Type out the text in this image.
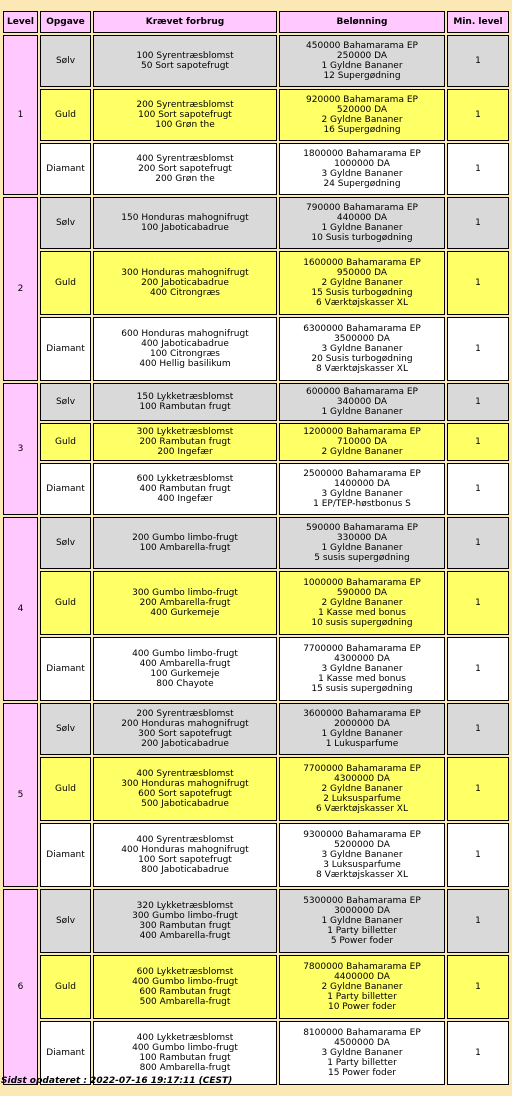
Level	Opgave	Krævet forbrug	Belønning	Min. level
1	Sølv	100 Syrentræsblomst
50 Sort sapotefrugt	450000 Bahamarama EP
250000 DA
1 Gyldne Bananer
12 Supergødning	1
	Guld	200 Syrentræsblomst
100 Sort sapotefrugt
100 Grøn the	920000 Bahamarama EP
520000 DA
2 Gyldne Bananer
16 Supergødning	1
	Diamant	400 Syrentræsblomst
200 Sort sapotefrugt
200 Grøn the	1800000 Bahamarama EP
1000000 DA
3 Gyldne Bananer
24 Supergødning	1
2	Sølv	150 Honduras mahognifrugt
100 Jaboticabadrue	790000 Bahamarama EP
440000 DA
1 Gyldne Bananer
10 Susis turbogødning	1
	Guld	300 Honduras mahognifrugt
200 Jaboticabadrue
400 Citrongræs	1600000 Bahamarama EP
950000 DA
2 Gyldne Bananer
15 Susis turbogødning
6 Værktøjskasser XL	1
	Diamant	600 Honduras mahognifrugt
400 Jaboticabadrue
100 Citrongræs
400 Hellig basilikum	6300000 Bahamarama EP
3500000 DA
3 Gyldne Bananer
20 Susis turbogødning
8 Værktøjskasser XL	1
3	Sølv	150 Lykketræsblomst
100 Rambutan frugt	600000 Bahamarama EP
340000 DA
1 Gyldne Bananer	1
	Guld	300 Lykketræsblomst
200 Rambutan frugt
200 Ingefær	1200000 Bahamarama EP
710000 DA
2 Gyldne Bananer	1
	Diamant	600 Lykketræsblomst
400 Rambutan frugt
400 Ingefær	2500000 Bahamarama EP
1400000 DA
3 Gyldne Bananer
1 EP/TEP-høstbonus S	1
4	Sølv	200 Gumbo limbo-frugt
100 Ambarella-frugt	590000 Bahamarama EP
330000 DA
1 Gyldne Bananer
5 susis supergødning	1
	Guld	300 Gumbo limbo-frugt
200 Ambarella-frugt
400 Gurkemeje	1000000 Bahamarama EP
590000 DA
2 Gyldne Bananer
1 Kasse med bonus
10 susis supergødning	1
	Diamant	400 Gumbo limbo-frugt
400 Ambarella-frugt
100 Gurkemeje
800 Chayote	7700000 Bahamarama EP
4300000 DA
3 Gyldne Bananer
1 Kasse med bonus
15 susis supergødning	1
5	Sølv	200 Syrentræsblomst
200 Honduras mahognifrugt
300 Sort sapotefrugt
200 Jaboticabadrue	3600000 Bahamarama EP
2000000 DA
1 Gyldne Bananer
1 Lukusparfume	1
	Guld	400 Syrentræsblomst
300 Honduras mahognifrugt
600 Sort sapotefrugt
500 Jaboticabadrue	7700000 Bahamarama EP
4300000 DA
2 Gyldne Bananer
2 Luksusparfume
6 Værktøjskasser XL	1
	Diamant	400 Syrentræsblomst
400 Honduras mahognifrugt
100 Sort sapotefrugt
800 Jaboticabadrue	9300000 Bahamarama EP
5200000 DA
3 Gyldne Bananer
3 Luksusparfume
8 Værktøjskasser XL	1
6	Sølv	320 Lykketræsblomst
300 Gumbo limbo-frugt
300 Rambutan frugt
400 Ambarella-frugt	5300000 Bahamarama EP
3000000 DA
1 Gyldne Bananer
1 Party billetter
5 Power foder	1
	Guld	600 Lykketræsblomst
400 Gumbo limbo-frugt
600 Rambutan frugt
500 Ambarella-frugt	7800000 Bahamarama EP
4400000 DA
2 Gyldne Bananer
1 Party billetter
10 Power foder	1
	Diamant	400 Lykketræsblomst
400 Gumbo limbo-frugt
100 Rambutan frugt
800 Ambarella-frugt	8100000 Bahamarama EP
4500000 DA
3 Gyldne Bananer
1 Party billetter
15 Power foder	1
Sidst opdateret : 2022-07-16 19:17:11 (CEST)
